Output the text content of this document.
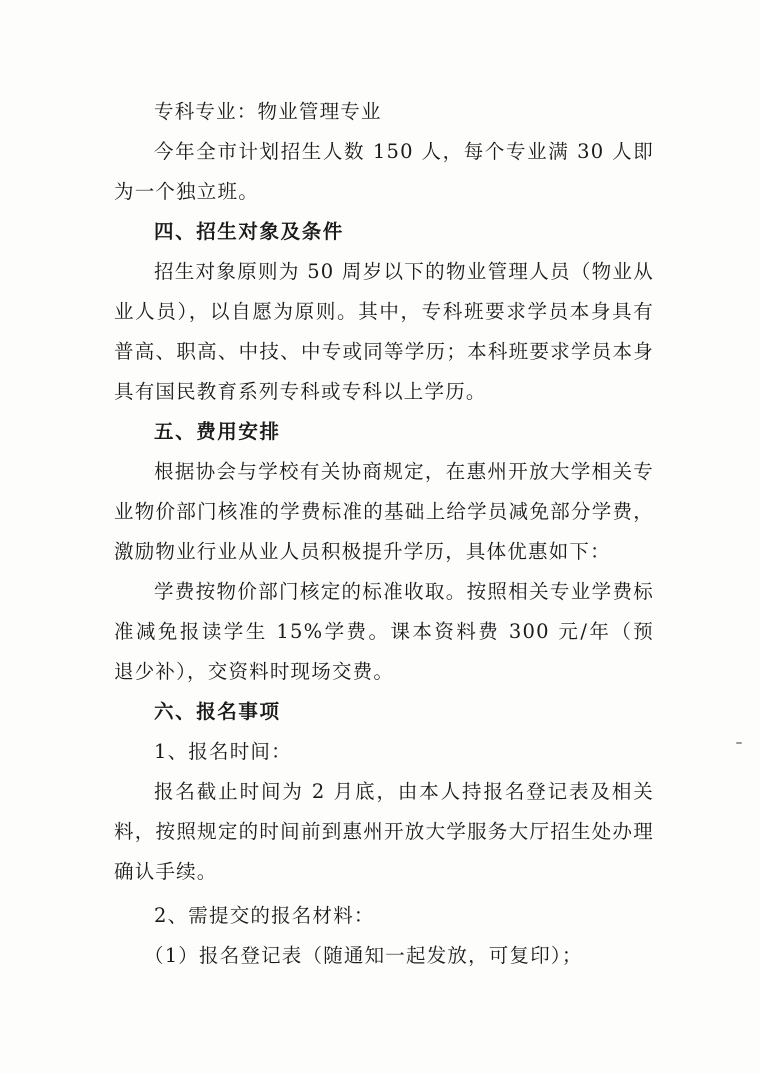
专科专业：物业管理专业

今年全市计划招生人数 150 人，每个专业满 30 人即

为一个独立班。

四、招生对象及条件

招生对象原则为 50 周岁以下的物业管理人员（物业从

业人员），以自愿为原则。其中，专科班要求学员本身具有

普高、职高、中技、中专或同等学历；本科班要求学员本身

具有国民教育系列专科或专科以上学历。

五、费用安排

根据协会与学校有关协商规定，在惠州开放大学相关专

业物价部门核准的学费标准的基础上给学员减免部分学费，

激励物业行业从业人员积极提升学历，具体优惠如下：

学费按物价部门核定的标准收取。按照相关专业学费标

准减免报读学生 15%学费。课本资料费 300 元/年（预

退少补），交资料时现场交费。

六、报名事项

1、报名时间：

报名截止时间为 2 月底，由本人持报名登记表及相关

料，按照规定的时间前到惠州开放大学服务大厅招生处办理

确认手续。

2、需提交的报名材料：

（1）报名登记表（随通知一起发放，可复印）；
